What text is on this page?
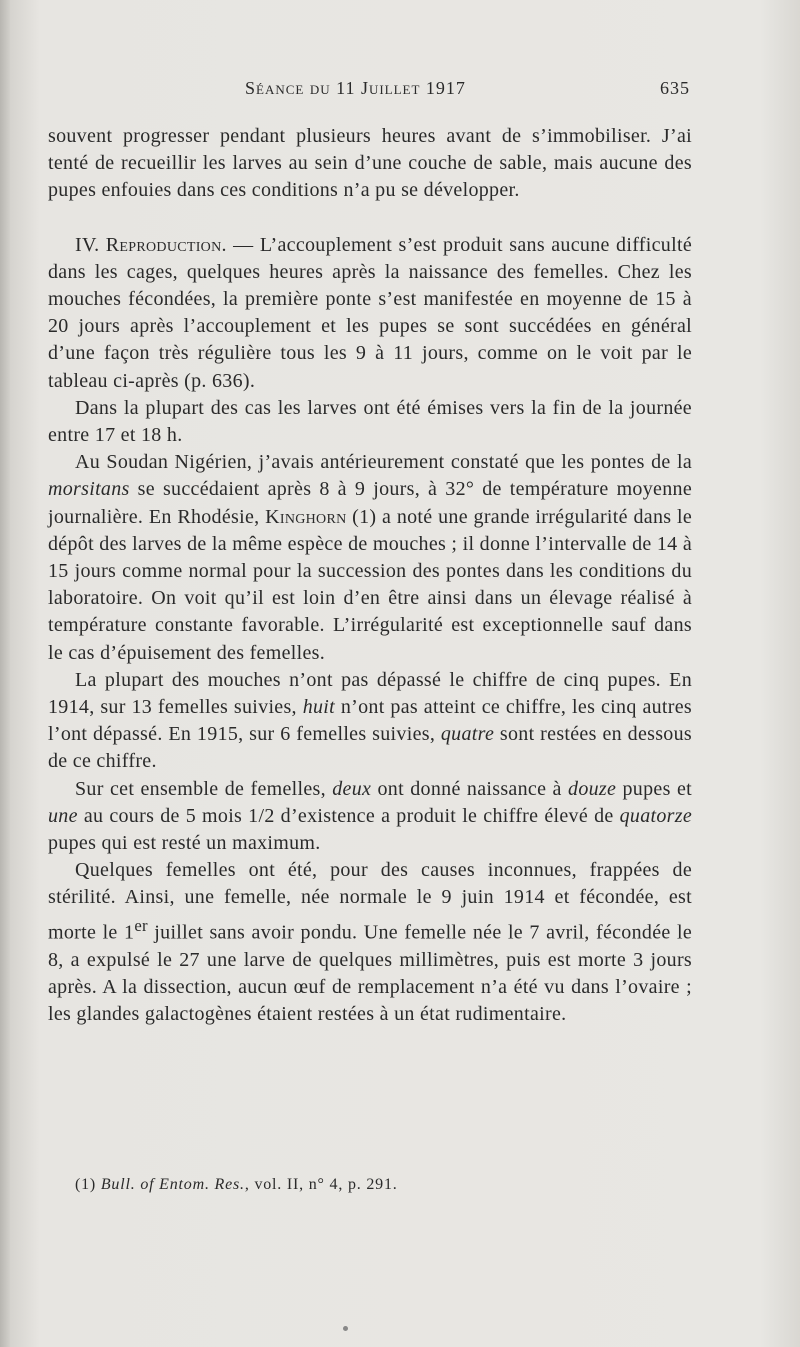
Séance du 11 Juillet 1917	635

souvent progresser pendant plusieurs heures avant de s’immobiliser. J’ai tenté de recueillir les larves au sein d’une couche de sable, mais aucune des pupes enfouies dans ces conditions n’a pu se développer.

IV. Reproduction. — L’accouplement s’est produit sans aucune difficulté dans les cages, quelques heures après la naissance des femelles. Chez les mouches fécondées, la première ponte s’est manifestée en moyenne de 15 à 20 jours après l’accouplement et les pupes se sont succédées en général d’une façon très régulière tous les 9 à 11 jours, comme on le voit par le tableau ci-après (p. 636).

Dans la plupart des cas les larves ont été émises vers la fin de la journée entre 17 et 18 h.

Au Soudan Nigérien, j’avais antérieurement constaté que les pontes de la morsitans se succédaient après 8 à 9 jours, à 32° de température moyenne journalière. En Rhodésie, Kinghorn (1) a noté une grande irrégularité dans le dépôt des larves de la même espèce de mouches ; il donne l’intervalle de 14 à 15 jours comme normal pour la succession des pontes dans les conditions du laboratoire. On voit qu’il est loin d’en être ainsi dans un élevage réalisé à température constante favorable. L’irrégularité est exceptionnelle sauf dans le cas d’épuisement des femelles.

La plupart des mouches n’ont pas dépassé le chiffre de cinq pupes. En 1914, sur 13 femelles suivies, huit n’ont pas atteint ce chiffre, les cinq autres l’ont dépassé. En 1915, sur 6 femelles suivies, quatre sont restées en dessous de ce chiffre.

Sur cet ensemble de femelles, deux ont donné naissance à douze pupes et une au cours de 5 mois 1/2 d’existence a produit le chiffre élevé de quatorze pupes qui est resté un maximum.

Quelques femelles ont été, pour des causes inconnues, frappées de stérilité. Ainsi, une femelle, née normale le 9 juin 1914 et fécondée, est morte le 1er juillet sans avoir pondu. Une femelle née le 7 avril, fécondée le 8, a expulsé le 27 une larve de quelques millimètres, puis est morte 3 jours après. A la dissection, aucun œuf de remplacement n’a été vu dans l’ovaire ; les glandes galactogènes étaient restées à un état rudimentaire.

(1) Bull. of Entom. Res., vol. II, n° 4, p. 291.
